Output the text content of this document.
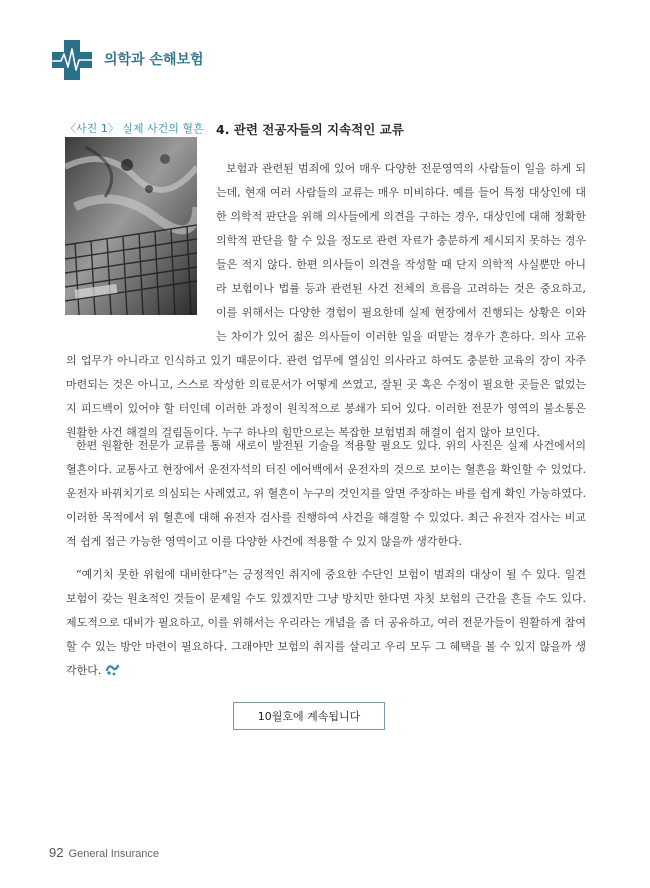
의학과 손해보험
〈사진 1〉 실제 사건의 혈흔 4. 관련 전공자들의 지속적인 교류
보험과 관련된 범죄에 있어 매우 다양한 전문영역의 사람들이 일을 하게 되는데, 현재 여러 사람들의 교류는 매우 미비하다. 예를 들어 특정 대상인에 대한 의학적 판단을 위해 의사들에게 의견을 구하는 경우, 대상인에 대해 정확한 의학적 판단을 할 수 있을 정도로 관련 자료가 충분하게 제시되지 못하는 경우들은 적지 않다. 한편 의사들이 의견을 작성할 때 단지 의학적 사실뿐만 아니라 보험이나 법률 등과 관련된 사건 전체의 흐름을 고려하는 것은 중요하고, 이를 위해서는 다양한 경험이 필요한데 실제 현장에서 진행되는 상황은 이와는 차이가 있어 젊은 의사들이 이러한 일을 떠맡는 경우가 흔하다. 의사 고유의 업무가 아니라고 인식하고 있기 때문이다. 관련 업무에 열심인 의사라고 하여도 충분한 교육의 장이 자주 마련되는 것은 아니고, 스스로 작성한 의료문서가 어떻게 쓰였고, 잘된 곳 혹은 수정이 필요한 곳들은 없었는지 피드백이 있어야 할 터인데 이러한 과정이 원칙적으로 봉쇄가 되어 있다. 이러한 전문가 영역의 불소통은 원활한 사건 해결의 걸림돌이다. 누구 하나의 힘만으로는 복잡한 보험범죄 해결이 쉽지 않아 보인다.

한편 원활한 전문가 교류를 통해 새로이 발전된 기술을 적용할 필요도 있다. 위의 사진은 실제 사건에서의 혈흔이다. 교통사고 현장에서 운전자석의 터진 에어백에서 운전자의 것으로 보이는 혈흔을 확인할 수 있었다. 운전자 바꿔치기로 의심되는 사례였고, 위 혈흔이 누구의 것인지를 알면 주장하는 바를 쉽게 확인 가능하였다. 이러한 목적에서 위 혈흔에 대해 유전자 검사를 진행하여 사건을 해결할 수 있었다. 최근 유전자 검사는 비교적 쉽게 접근 가능한 영역이고 이를 다양한 사건에 적용할 수 있지 않을까 생각한다.

“예기치 못한 위험에 대비한다”는 긍정적인 취지에 중요한 수단인 보험이 범죄의 대상이 될 수 있다. 일견 보험이 갖는 원초적인 것들이 문제일 수도 있겠지만 그냥 방치만 한다면 자칫 보험의 근간을 흔들 수도 있다. 제도적으로 대비가 필요하고, 이를 위해서는 우리라는 개념을 좀 더 공유하고, 여러 전문가들이 원활하게 참여할 수 있는 방안 마련이 필요하다. 그래야만 보험의 취지를 살리고 우리 모두 그 혜택을 볼 수 있지 않을까 생각한다.

10월호에 계속됩니다
92 General Insurance
